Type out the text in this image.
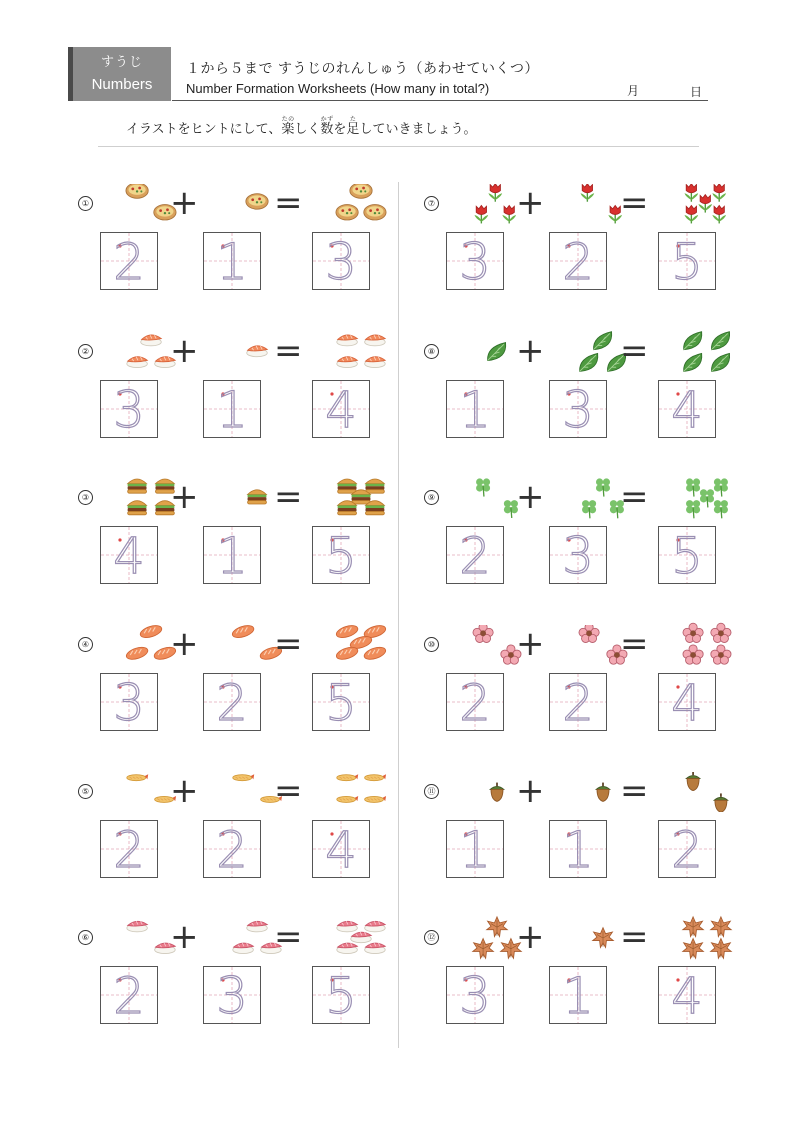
すうじ
Numbers
１から５まで すうじのれんしゅう（あわせていくつ）
Number Formation Worksheets (How many in total?)	月	日
イラストをヒントにして、楽たのしく数かずを足たしていきましょう。
① + =
2 1 3
② + =
3 1 4
③ + =
4 1 5
④ + =
3 2 5
⑤ + =
2 2 4
⑥ + =
2 3 5
⑦ + =
3 2 5
⑧ + =
1 3 4
⑨ + =
2 3 5
⑩ + =
2 2 4
⑪ + =
1 1 2
⑫ + =
3 1 4
